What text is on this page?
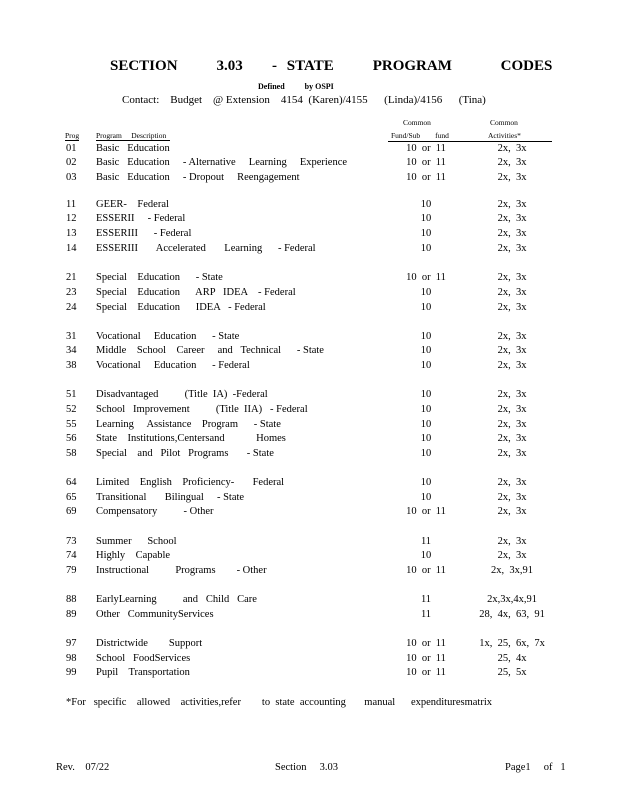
SECTION    3.03   - STATE    PROGRAM     CODES
Defined          by OSPI
Contact:    Budget    @ Extension    4154  (Karen)/4155      (Linda)/4156      (Tina)
Common	Common
Prog Program     Description	Fund/Sub        fund	Activities*
01 Basic   Education	10  or  11	2x,  3x
02 Basic   Education     - Alternative     Learning     Experience	10  or  11	2x,  3x
03 Basic   Education     - Dropout     Reengagement	10  or  11	2x,  3x
11 GEER-    Federal	10	2x,  3x
12 ESSERII     - Federal	10	2x,  3x
13 ESSERIII      - Federal	10	2x,  3x
14 ESSERIII       Accelerated       Learning      - Federal	10	2x,  3x
21 Special    Education      - State	10  or  11	2x,  3x
23 Special    Education      ARP   IDEA    - Federal	10	2x,  3x
24 Special    Education      IDEA   - Federal	10	2x,  3x
31 Vocational     Education      - State	10	2x,  3x
34 Middle    School    Career     and   Technical      - State	10	2x,  3x
38 Vocational     Education      - Federal	10	2x,  3x
51 Disadvantaged          (Title  IA)  -Federal	10	2x,  3x
52 School   Improvement          (Title  IIA)   - Federal	10	2x,  3x
55 Learning     Assistance    Program      - State	10	2x,  3x
56 State    Institutions,Centersand            Homes	10	2x,  3x
58 Special    and   Pilot   Programs       - State	10	2x,  3x
64 Limited    English    Proficiency-       Federal	10	2x,  3x
65 Transitional       Bilingual     - State	10	2x,  3x
69 Compensatory          - Other	10  or  11	2x,  3x
73 Summer      School	11	2x,  3x
74 Highly    Capable	10	2x,  3x
79 Instructional          Programs        - Other	10  or  11	2x,  3x,91
88 EarlyLearning          and   Child   Care	11	2x,3x,4x,91
89 Other   CommunityServices	11	28,  4x,  63,  91
97 Districtwide        Support	10  or  11	1x,  25,  6x,  7x
98 School   FoodServices	10  or  11	25,  4x
99 Pupil    Transportation	10  or  11	25,  5x
*For   specific    allowed    activities,refer        to  state  accounting       manual      expendituresmatrix
Rev.    07/22	Section     3.03	Page1     of   1
